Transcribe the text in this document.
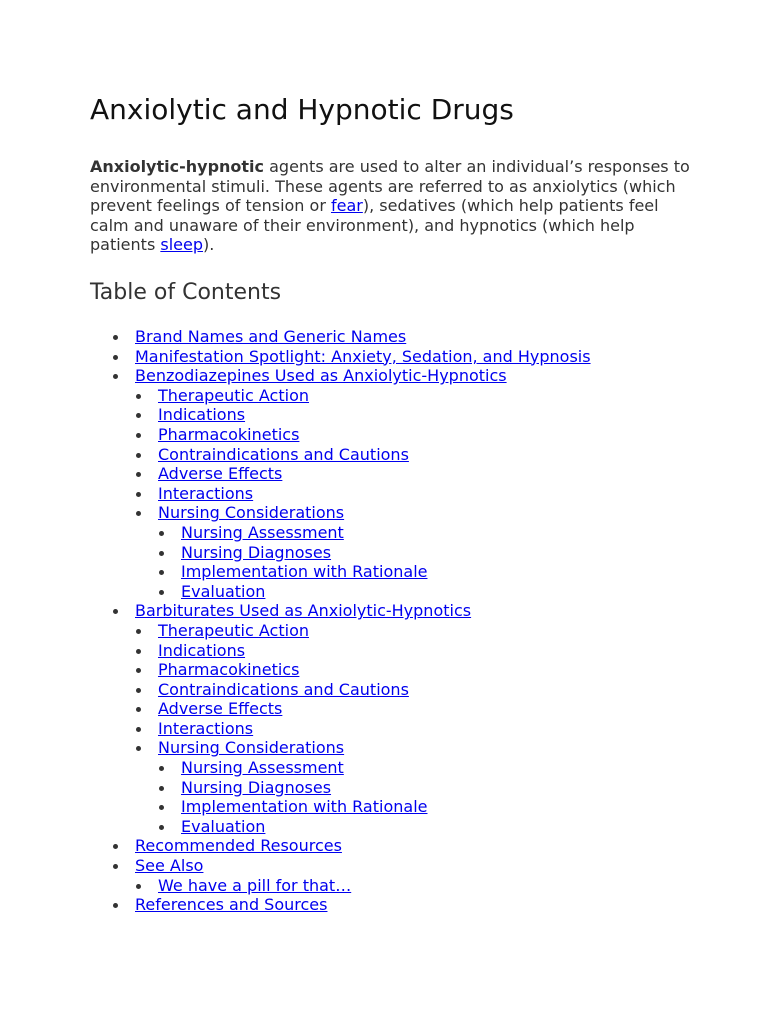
Anxiolytic and Hypnotic Drugs

Anxiolytic-hypnotic agents are used to alter an individual’s responses to environmental stimuli. These agents are referred to as anxiolytics (which prevent feelings of tension or fear), sedatives (which help patients feel calm and unaware of their environment), and hypnotics (which help patients sleep).

Table of Contents
Brand Names and Generic Names
Manifestation Spotlight: Anxiety, Sedation, and Hypnosis
Benzodiazepines Used as Anxiolytic-Hypnotics
Therapeutic Action
Indications
Pharmacokinetics
Contraindications and Cautions
Adverse Effects
Interactions
Nursing Considerations
Nursing Assessment
Nursing Diagnoses
Implementation with Rationale
Evaluation
Barbiturates Used as Anxiolytic-Hypnotics
Therapeutic Action
Indications
Pharmacokinetics
Contraindications and Cautions
Adverse Effects
Interactions
Nursing Considerations
Nursing Assessment
Nursing Diagnoses
Implementation with Rationale
Evaluation
Recommended Resources
See Also
We have a pill for that…
References and Sources
